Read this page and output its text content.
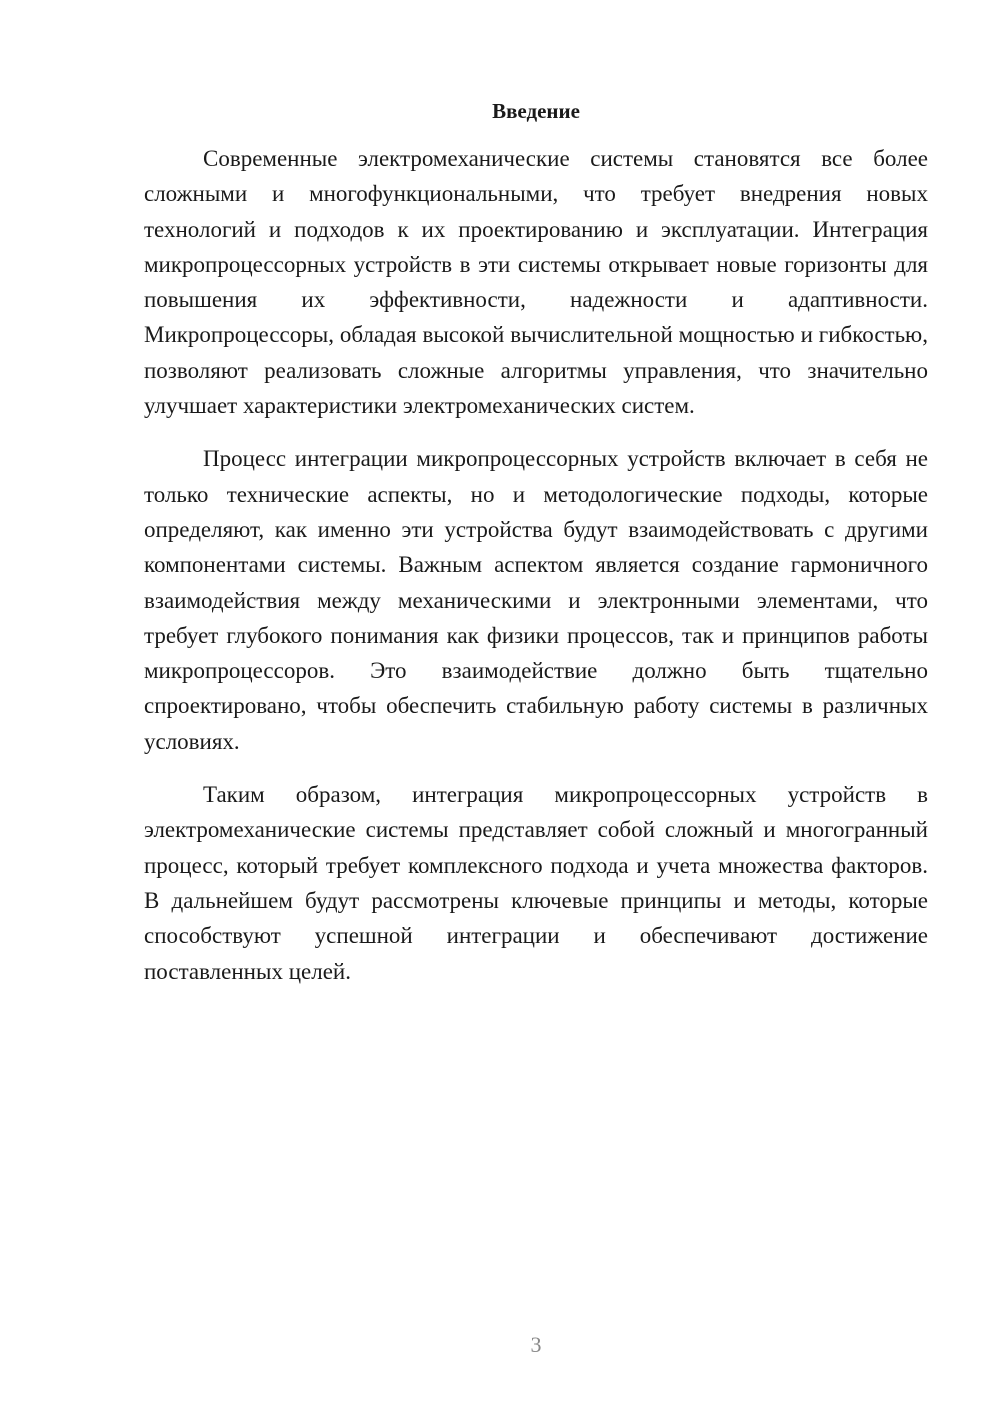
Введение

Современные электромеханические системы становятся все более сложными и многофункциональными, что требует внедрения новых технологий и подходов к их проектированию и эксплуатации. Интеграция микропроцессорных устройств в эти системы открывает новые горизонты для повышения их эффективности, надежности и адаптивности. Микропроцессоры, обладая высокой вычислительной мощностью и гибкостью, позволяют реализовать сложные алгоритмы управления, что значительно улучшает характеристики электромеханических систем.

Процесс интеграции микропроцессорных устройств включает в себя не только технические аспекты, но и методологические подходы, которые определяют, как именно эти устройства будут взаимодействовать с другими компонентами системы. Важным аспектом является создание гармоничного взаимодействия между механическими и электронными элементами, что требует глубокого понимания как физики процессов, так и принципов работы микропроцессоров. Это взаимодействие должно быть тщательно спроектировано, чтобы обеспечить стабильную работу системы в различных условиях.

Таким образом, интеграция микропроцессорных устройств в электромеханические системы представляет собой сложный и многогранный процесс, который требует комплексного подхода и учета множества факторов. В дальнейшем будут рассмотрены ключевые принципы и методы, которые способствуют успешной интеграции и обеспечивают достижение поставленных целей.

3
